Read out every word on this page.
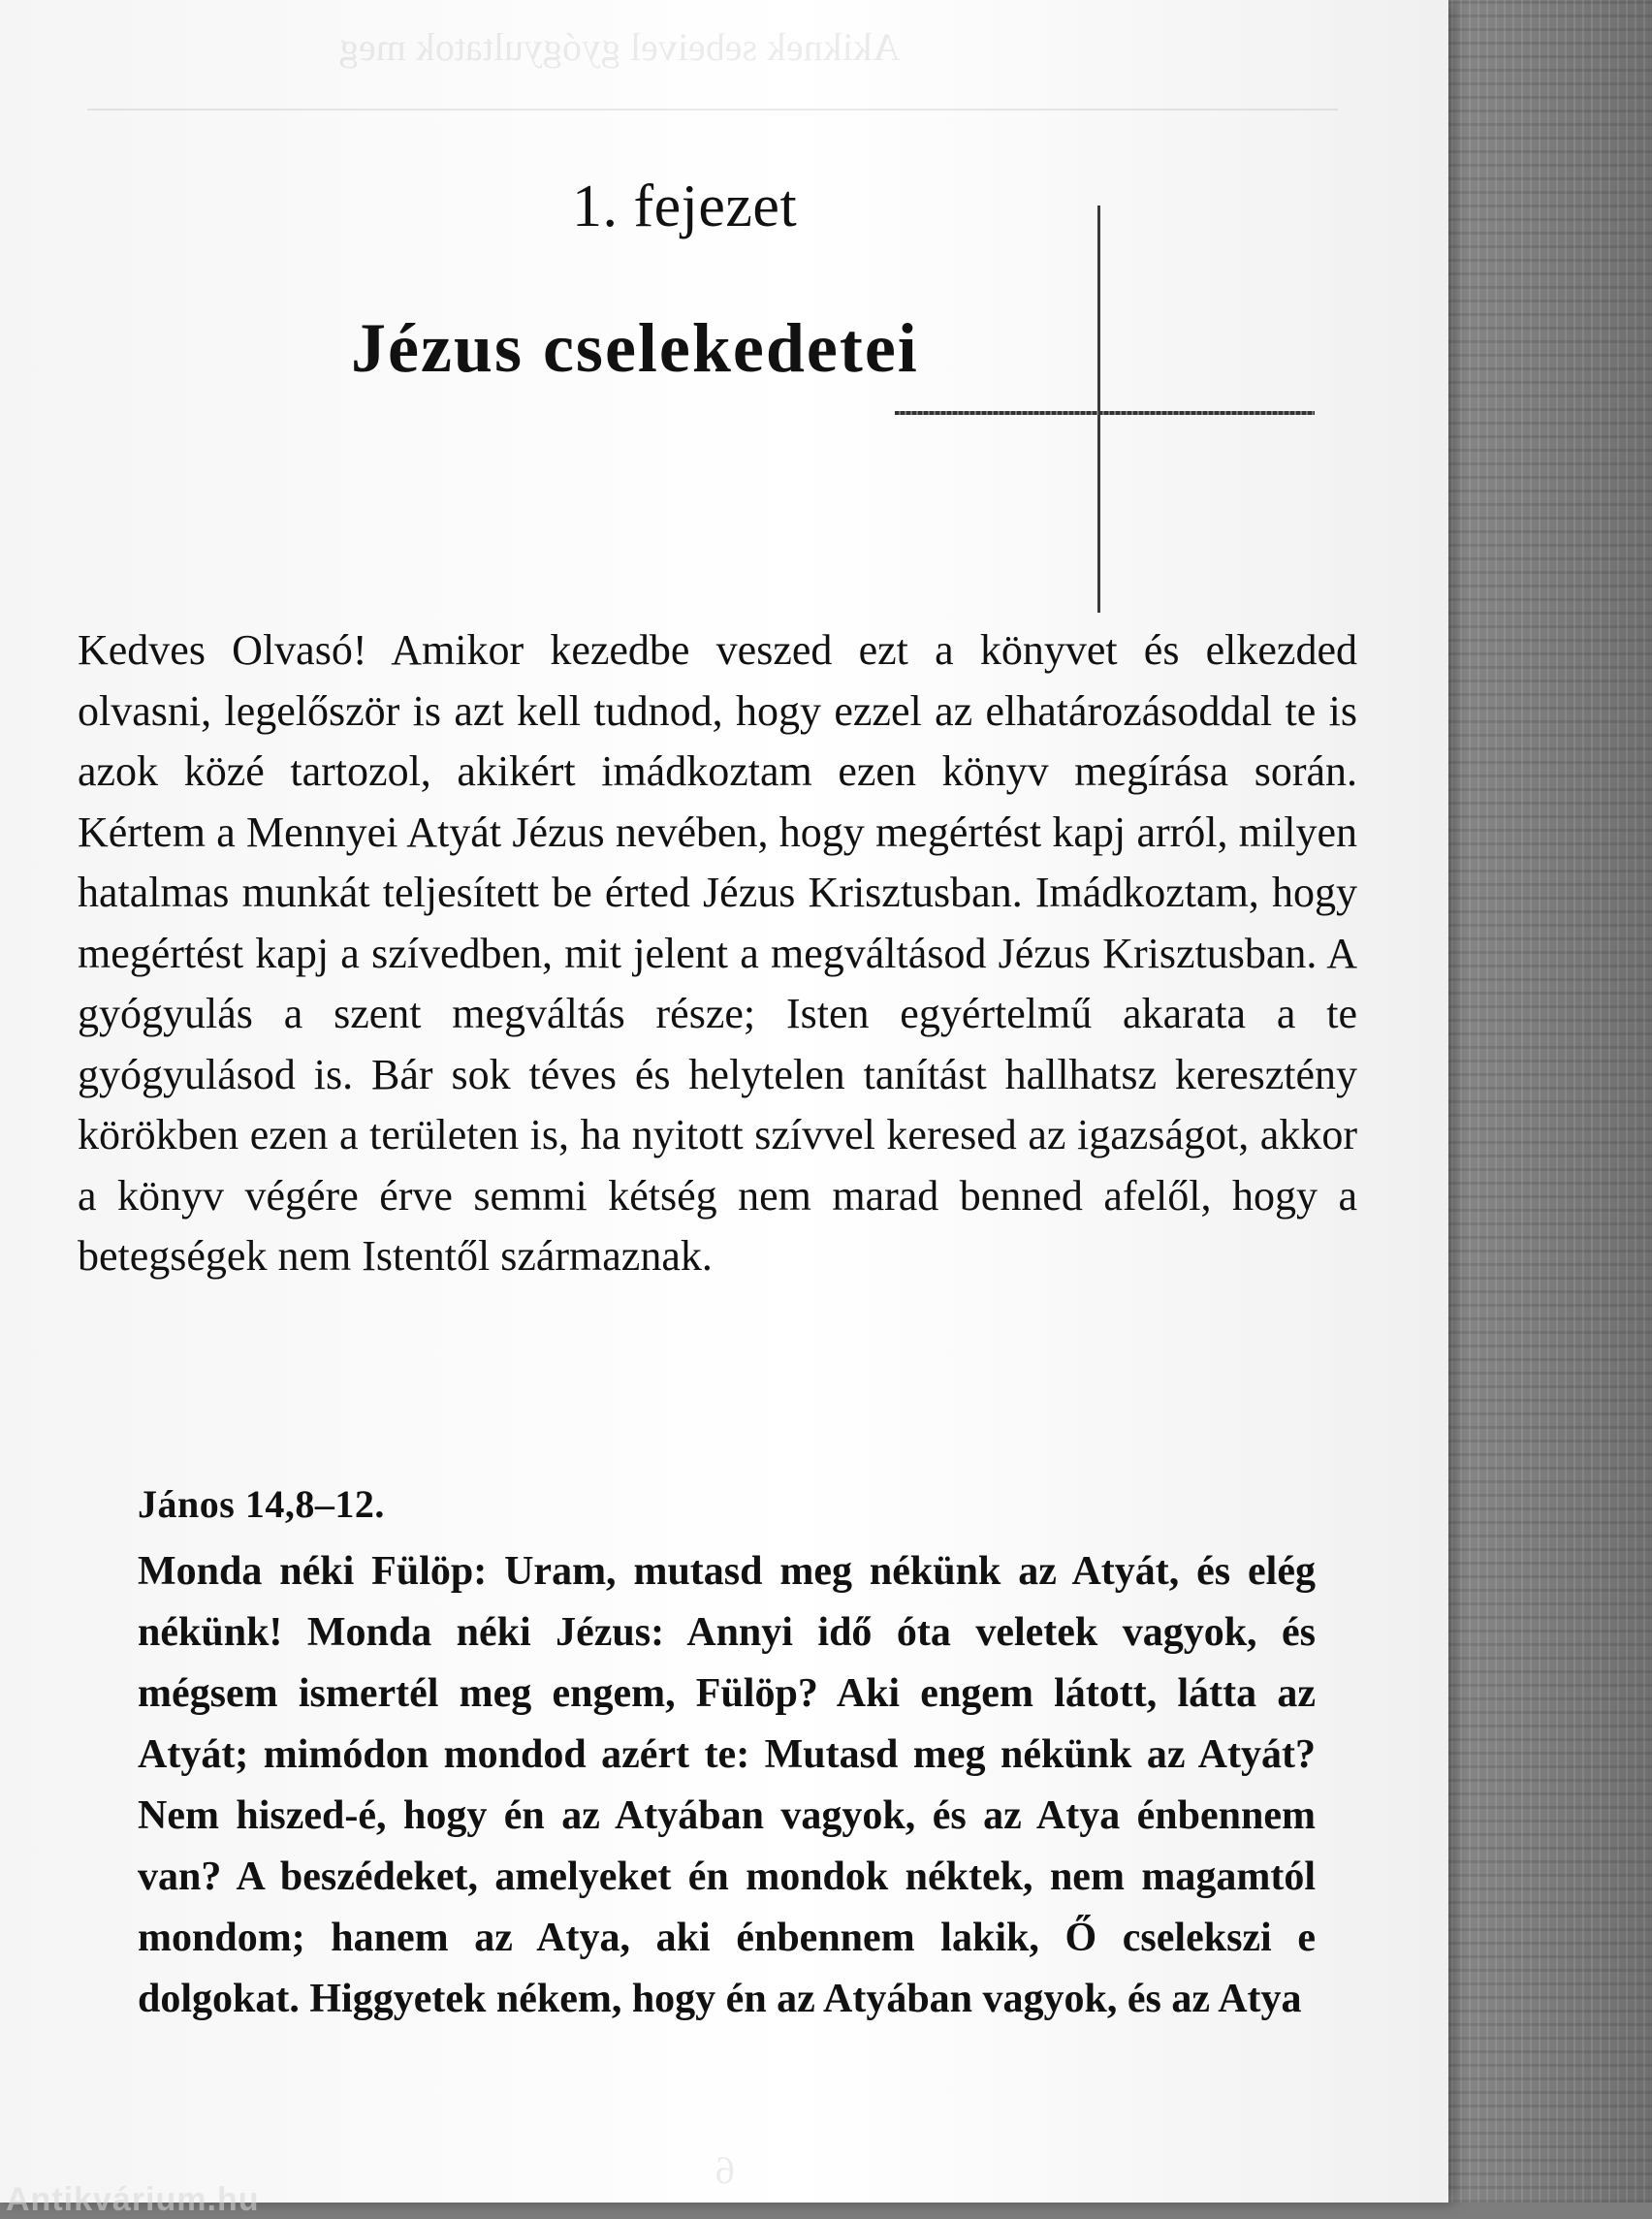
Akiknek sebeivel gyógyultatok meg
1. fejezet
Jézus cselekedetei

Kedves Olvasó! Amikor kezedbe veszed ezt a könyvet és elkezded olvasni, legelőször is azt kell tudnod, hogy ezzel az elhatározásoddal te is azok közé tartozol, akikért imádkoztam ezen könyv megírása során. Kértem a Mennyei Atyát Jézus nevében, hogy megértést kapj arról, milyen hatalmas munkát teljesített be érted Jézus Krisztusban. Imádkoztam, hogy megértést kapj a szívedben, mit jelent a megváltásod Jézus Krisztusban. A gyógyulás a szent megváltás része; Isten egyértelmű akarata a te gyógyulásod is. Bár sok téves és helytelen tanítást hallhatsz keresztény körökben ezen a területen is, ha nyitott szívvel keresed az igazságot, akkor a könyv végére érve semmi kétség nem marad benned afelől, hogy a betegségek nem Istentől származnak.

János 14,8–12.
Monda néki Fülöp: Uram, mutasd meg nékünk az Atyát, és elég nékünk! Monda néki Jézus: Annyi idő óta veletek vagyok, és mégsem ismertél meg engem, Fülöp? Aki engem látott, látta az Atyát; mimódon mondod azért te: Mutasd meg nékünk az Atyát? Nem hiszed-é, hogy én az Atyában vagyok, és az Atya énbennem van? A beszédeket, amelyeket én mondok néktek, nem magamtól mondom; hanem az Atya, aki énbennem lakik, Ő cselekszi e dolgokat. Higgyetek nékem, hogy én az Atyában vagyok, és az Atya
6
Antikvárium.hu
